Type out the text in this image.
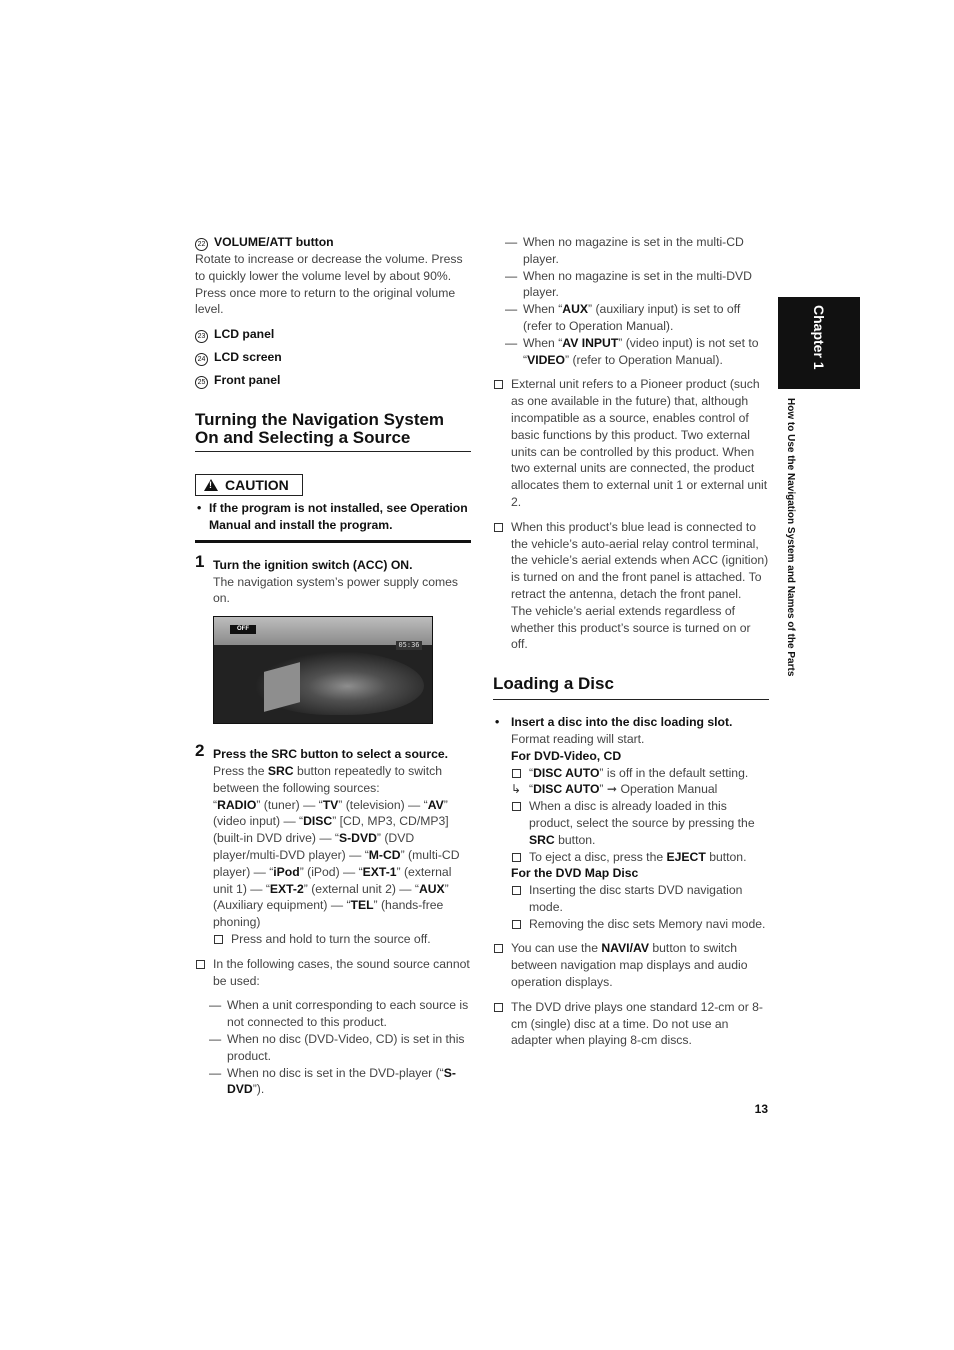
22 VOLUME/ATT button

Rotate to increase or decrease the volume. Press to quickly lower the volume level by about 90%. Press once more to return to the original volume level.

23 LCD panel

24 LCD screen

25 Front panel

Turning the Navigation System On and Selecting a Source
!CAUTION

• If the program is not installed, see Operation Manual and install the program.

1 Turn the ignition switch (ACC) ON.

The navigation system’s power supply comes on.

OFF
05:36
2 Press the SRC button to select a source.

Press the SRC button repeatedly to switch between the following sources:

“RADIO” (tuner) — “TV” (television) — “AV” (video input) — “DISC” [CD, MP3, CD/MP3](built-in DVD drive) — “S-DVD” (DVD player/multi-DVD player) — “M-CD” (multi-CD player) — “iPod” (iPod) — “EXT-1” (external unit 1) — “EXT-2” (external unit 2) — “AUX” (Auxiliary equipment) — “TEL” (hands-free phoning)

Press and hold to turn the source off.

In the following cases, the sound source cannot be used:

— When a unit corresponding to each source is not connected to this product.

— When no disc (DVD-Video, CD) is set in this product.

— When no disc is set in the DVD-player (“S-DVD”).

— When no magazine is set in the multi-CD player.

— When no magazine is set in the multi-DVD player.

— When “AUX” (auxiliary input) is set to off (refer to Operation Manual).

— When “AV INPUT” (video input) is not set to “VIDEO” (refer to Operation Manual).

External unit refers to a Pioneer product (such as one available in the future) that, although incompatible as a source, enables control of basic functions by this product. Two external units can be controlled by this product. When two external units are connected, the product allocates them to external unit 1 or external unit 2.

When this product’s blue lead is connected to the vehicle’s auto-aerial relay control terminal, the vehicle’s aerial extends when ACC (ignition) is turned on and the front panel is attached. To retract the antenna, detach the front panel.

The vehicle’s aerial extends regardless of whether this product’s source is turned on or off.

Loading a Disc

• Insert a disc into the disc loading slot.

Format reading will start.

For DVD-Video, CD

“DISC AUTO” is off in the default setting.

↳ “DISC AUTO” ➞ Operation Manual

When a disc is already loaded in this product, select the source by pressing the SRC button.

To eject a disc, press the EJECT button.

For the DVD Map Disc

Inserting the disc starts DVD navigation mode.

Removing the disc sets Memory navi mode.

You can use the NAVI/AV button to switch between navigation map displays and audio operation displays.

The DVD drive plays one standard 12-cm or 8-cm (single) disc at a time. Do not use an adapter when playing 8-cm discs.

Chapter 1
How to Use the Navigation System and Names of the Parts
13
